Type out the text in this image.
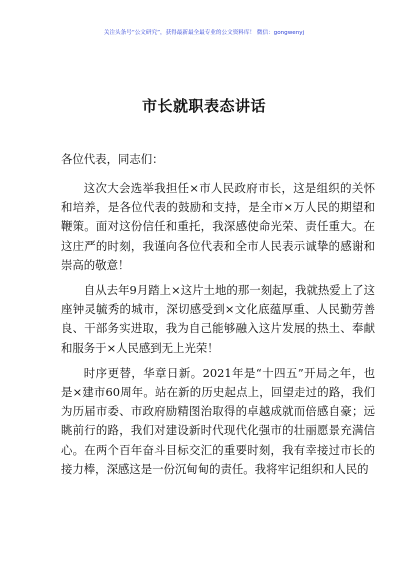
关注头条号“公文研究”，获得最新最全最专业的公文资料库！ 微信：gongwenyj
市长就职表态讲话

各位代表，同志们：

这次大会选举我担任×市人民政府市长，这是组织的关怀和培养，是各位代表的鼓励和支持，是全市×万人民的期望和鞭策。面对这份信任和重托，我深感使命光荣、责任重大。在这庄严的时刻，我谨向各位代表和全市人民表示诚挚的感谢和崇高的敬意！

自从去年9月踏上×这片土地的那一刻起，我就热爱上了这座钟灵毓秀的城市，深切感受到×文化底蕴厚重、人民勤劳善良、干部务实进取，我为自己能够融入这片发展的热土、奉献和服务于×人民感到无上光荣！

时序更替，华章日新。2021年是“十四五”开局之年，也是×建市60周年。站在新的历史起点上，回望走过的路，我们为历届市委、市政府励精图治取得的卓越成就而倍感自豪；远眺前行的路，我们对建设新时代现代化强市的壮丽愿景充满信心。在两个百年奋斗目标交汇的重要时刻，我有幸接过市长的接力棒，深感这是一份沉甸甸的责任。我将牢记组织和人民的
